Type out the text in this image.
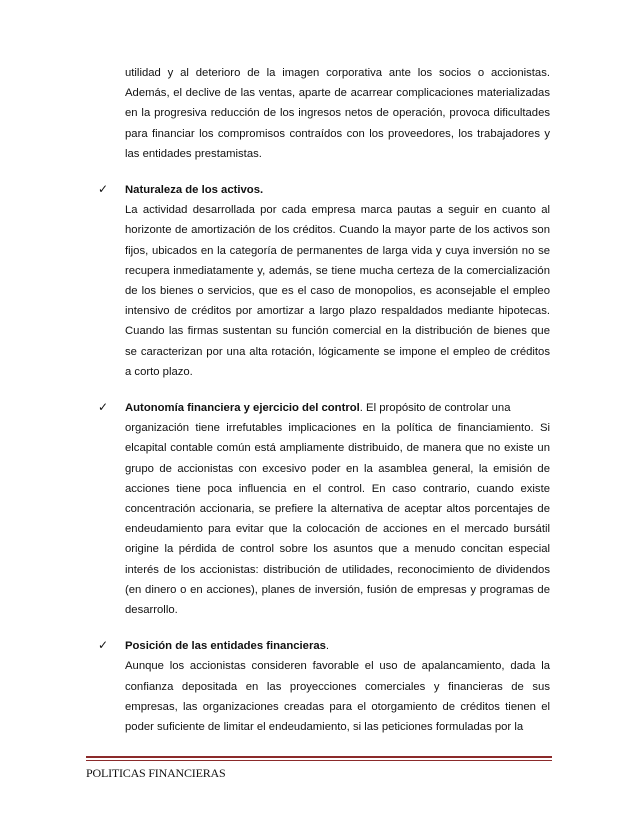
utilidad y al deterioro de la imagen corporativa ante los socios o accionistas. Además, el declive de las ventas, aparte de acarrear complicaciones materializadas en la progresiva reducción de los ingresos netos de operación, provoca dificultades para financiar los compromisos contraídos con los proveedores, los trabajadores y las entidades prestamistas.

✓	Naturaleza de los activos.

La actividad desarrollada por cada empresa marca pautas a seguir en cuanto al horizonte de amortización de los créditos. Cuando la mayor parte de los activos son fijos, ubicados en la categoría de permanentes de larga vida y cuya inversión no se recupera inmediatamente y, además, se tiene mucha certeza de la comercialización de los bienes o servicios, que es el caso de monopolios, es aconsejable el empleo intensivo de créditos por amortizar a largo plazo respaldados mediante hipotecas. Cuando las firmas sustentan su función comercial en la distribución de bienes que se caracterizan por una alta rotación, lógicamente se impone el empleo de créditos a corto plazo.

✓	Autonomía financiera y ejercicio del control. El propósito de controlar una

organización tiene irrefutables implicaciones en la política de financiamiento. Si elcapital contable común está ampliamente distribuido, de manera que no existe un grupo de accionistas con excesivo poder en la asamblea general, la emisión de acciones tiene poca influencia en el control. En caso contrario, cuando existe concentración accionaria, se prefiere la alternativa de aceptar altos porcentajes de endeudamiento para evitar que la colocación de acciones en el mercado bursátil origine la pérdida de control sobre los asuntos que a menudo concitan especial interés de los accionistas: distribución de utilidades, reconocimiento de dividendos (en dinero o en acciones), planes de inversión, fusión de empresas y programas de desarrollo.

✓	Posición de las entidades financieras.

Aunque los accionistas consideren favorable el uso de apalancamiento, dada la confianza depositada en las proyecciones comerciales y financieras de sus empresas, las organizaciones creadas para el otorgamiento de créditos tienen el poder suficiente de limitar el endeudamiento, si las peticiones formuladas por la

POLITICAS FINANCIERAS
